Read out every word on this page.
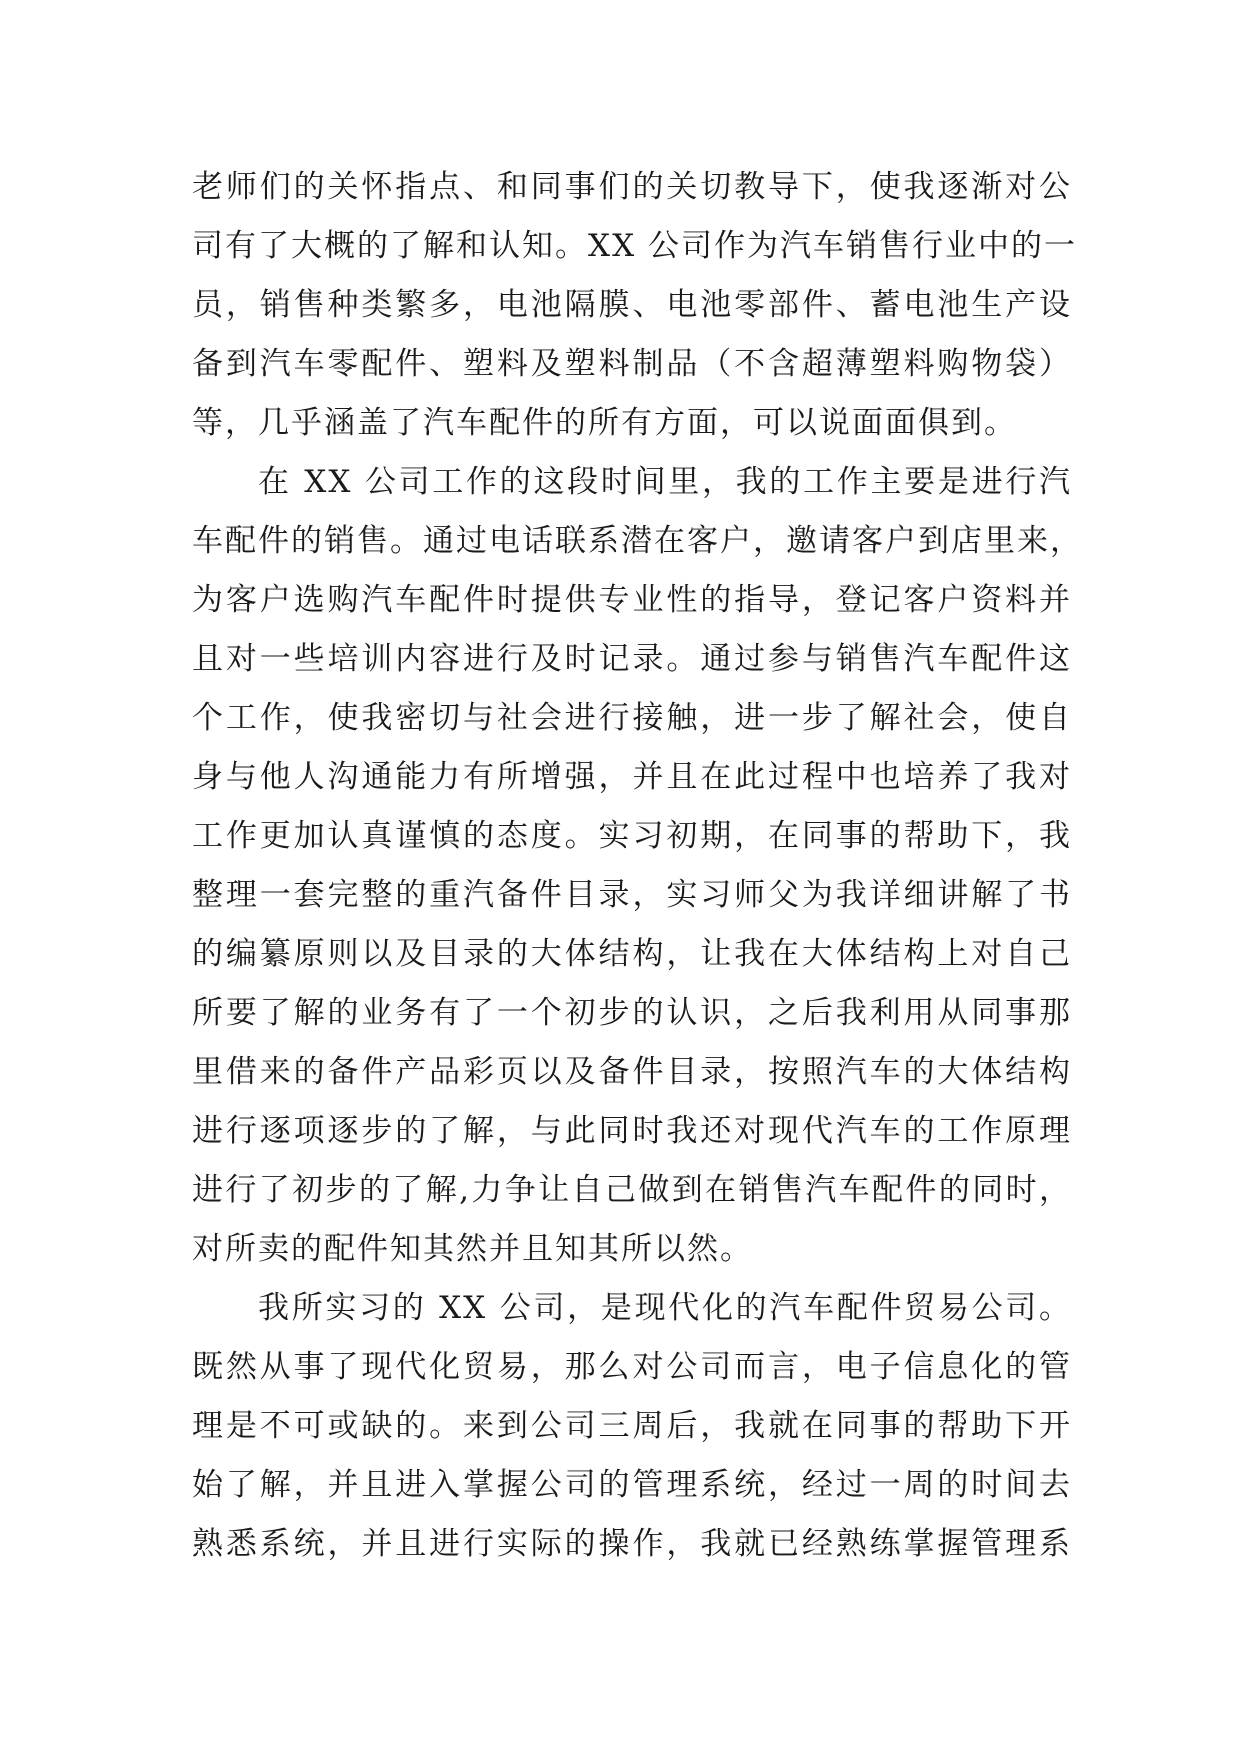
老师们的关怀指点、和同事们的关切教导下，使我逐渐对公
司有了大概的了解和认知。XX 公司作为汽车销售行业中的一
员，销售种类繁多，电池隔膜、电池零部件、蓄电池生产设
备到汽车零配件、塑料及塑料制品（不含超薄塑料购物袋）
等，几乎涵盖了汽车配件的所有方面，可以说面面俱到。
在 XX 公司工作的这段时间里，我的工作主要是进行汽
车配件的销售。通过电话联系潜在客户，邀请客户到店里来，
为客户选购汽车配件时提供专业性的指导，登记客户资料并
且对一些培训内容进行及时记录。通过参与销售汽车配件这
个工作，使我密切与社会进行接触，进一步了解社会，使自
身与他人沟通能力有所增强，并且在此过程中也培养了我对
工作更加认真谨慎的态度。实习初期，在同事的帮助下，我
整理一套完整的重汽备件目录，实习师父为我详细讲解了书
的编纂原则以及目录的大体结构，让我在大体结构上对自己
所要了解的业务有了一个初步的认识，之后我利用从同事那
里借来的备件产品彩页以及备件目录，按照汽车的大体结构
进行逐项逐步的了解，与此同时我还对现代汽车的工作原理
进行了初步的了解,力争让自己做到在销售汽车配件的同时，
对所卖的配件知其然并且知其所以然。
我所实习的 XX 公司，是现代化的汽车配件贸易公司。
既然从事了现代化贸易，那么对公司而言，电子信息化的管
理是不可或缺的。来到公司三周后，我就在同事的帮助下开
始了解，并且进入掌握公司的管理系统，经过一周的时间去
熟悉系统，并且进行实际的操作，我就已经熟练掌握管理系
